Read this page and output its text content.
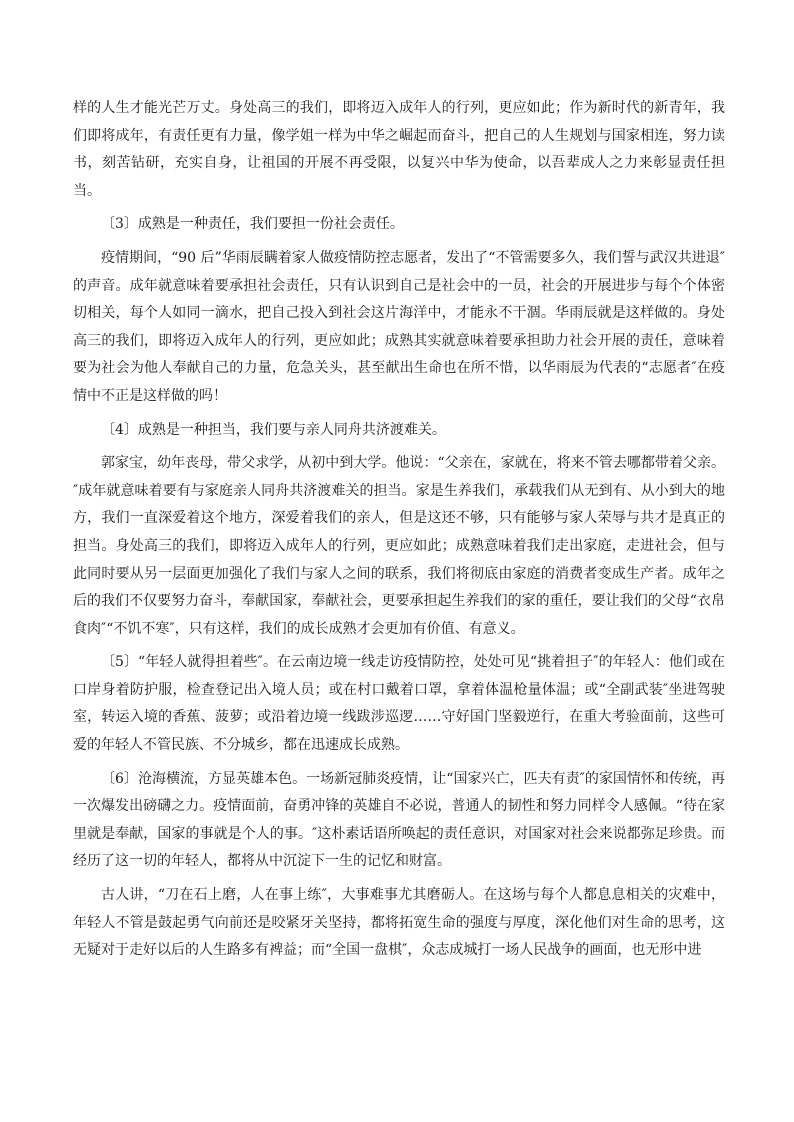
样的人生才能光芒万丈。身处高三的我们，即将迈入成年人的行列，更应如此；作为新时代的新青年，我们即将成年，有责任更有力量，像学姐一样为中华之崛起而奋斗，把自己的人生规划与国家相连，努力读书，刻苦钻研，充实自身，让祖国的开展不再受限，以复兴中华为使命，以吾辈成人之力来彰显责任担当。

〔3〕成熟是一种责任，我们要担一份社会责任。

疫情期间，“90 后”华雨辰瞒着家人做疫情防控志愿者，发出了“不管需要多久，我们誓与武汉共进退″的声音。成年就意味着要承担社会责任，只有认识到自己是社会中的一员，社会的开展进步与每个个体密切相关，每个人如同一滴水，把自己投入到社会这片海洋中，才能永不干涸。华雨辰就是这样做的。身处高三的我们，即将迈入成年人的行列，更应如此；成熟其实就意味着要承担助力社会开展的责任，意味着要为社会为他人奉献自己的力量，危急关头，甚至献出生命也在所不惜，以华雨辰为代表的“志愿者″在疫情中不正是这样做的吗！

〔4〕成熟是一种担当，我们要与亲人同舟共济渡难关。

郭家宝，幼年丧母，带父求学，从初中到大学。他说：“父亲在，家就在，将来不管去哪都带着父亲。″成年就意味着要有与家庭亲人同舟共济渡难关的担当。家是生养我们，承载我们从无到有、从小到大的地方，我们一直深爱着这个地方，深爱着我们的亲人，但是这还不够，只有能够与家人荣辱与共才是真正的担当。身处高三的我们，即将迈入成年人的行列，更应如此；成熟意味着我们走出家庭，走进社会，但与此同时要从另一层面更加强化了我们与家人之间的联系，我们将彻底由家庭的消费者变成生产者。成年之后的我们不仅要努力奋斗，奉献国家，奉献社会，更要承担起生养我们的家的重任，要让我们的父母“衣帛食肉″“不饥不寒″，只有这样，我们的成长成熟才会更加有价值、有意义。

〔5〕“年轻人就得担着些″。在云南边境一线走访疫情防控，处处可见“挑着担子″的年轻人：他们或在口岸身着防护服，检查登记出入境人员；或在村口戴着口罩，拿着体温枪量体温；或“全副武装″坐进驾驶室，转运入境的香蕉、菠萝；或沿着边境一线跋涉巡逻……守好国门坚毅逆行，在重大考验面前，这些可爱的年轻人不管民族、不分城乡，都在迅速成长成熟。

〔6〕沧海横流，方显英雄本色。一场新冠肺炎疫情，让“国家兴亡，匹夫有责″的家国情怀和传统，再一次爆发出磅礴之力。疫情面前，奋勇冲锋的英雄自不必说，普通人的韧性和努力同样令人感佩。“待在家里就是奉献，国家的事就是个人的事。″这朴素话语所唤起的责任意识，对国家对社会来说都弥足珍贵。而经历了这一切的年轻人，都将从中沉淀下一生的记忆和财富。

古人讲，“刀在石上磨，人在事上练″，大事难事尤其磨砺人。在这场与每个人都息息相关的灾难中，年轻人不管是鼓起勇气向前还是咬紧牙关坚持，都将拓宽生命的强度与厚度，深化他们对生命的思考，这无疑对于走好以后的人生路多有裨益；而“全国一盘棋″，众志成城打一场人民战争的画面，也无形中进
